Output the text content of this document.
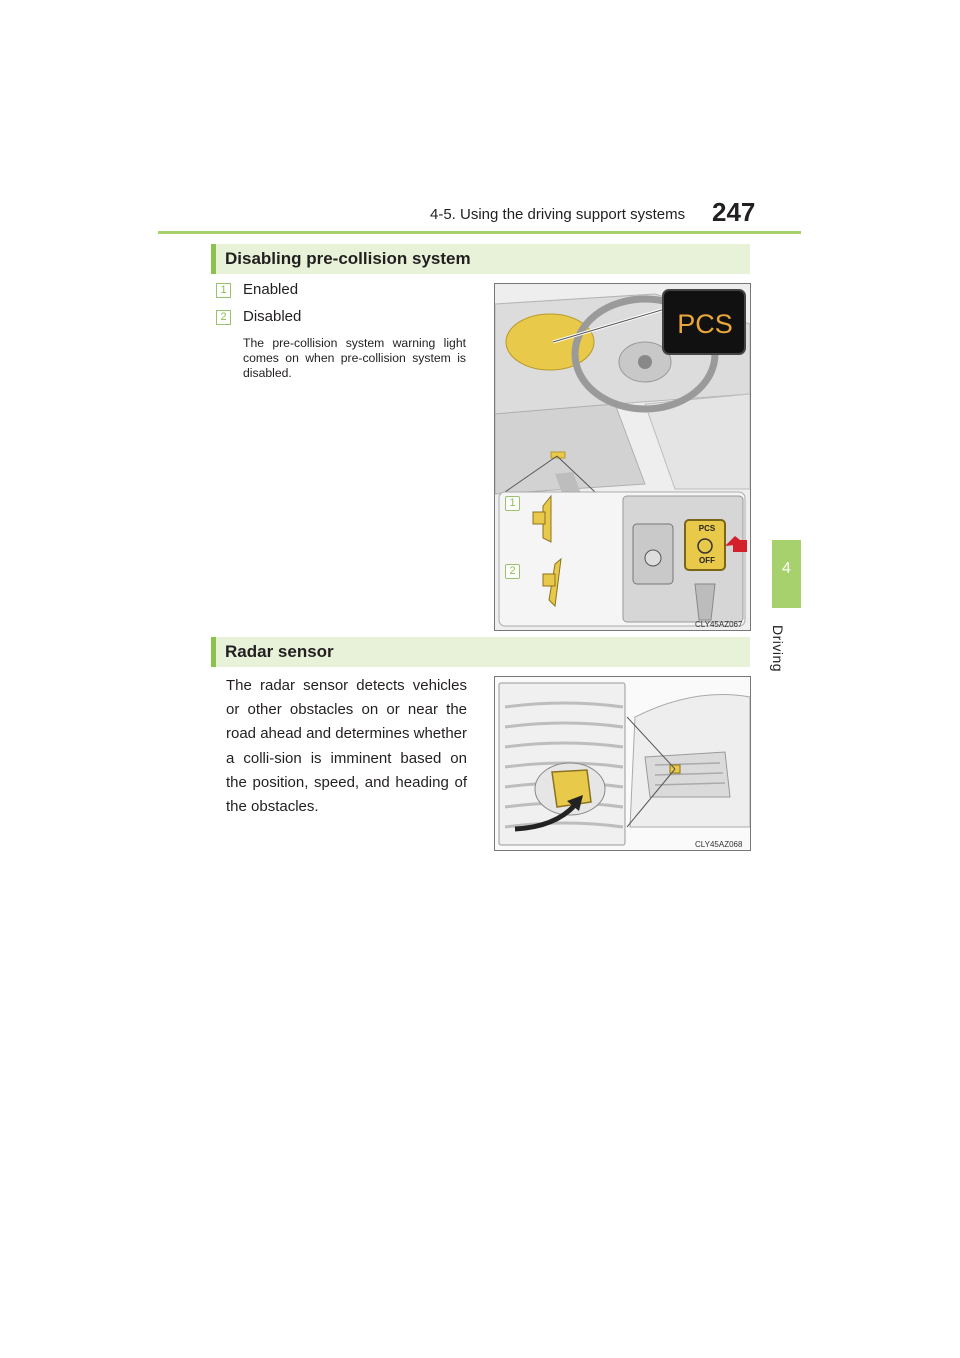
4-5. Using the driving support systems 247
4
Driving
Disabling pre-collision system
1 Enabled
2 Disabled
The pre-collision system warning light comes on when pre-collision system is disabled.
PCS
PCS
OFF
1
2
CLY45AZ067
Radar sensor
The radar sensor detects vehicles or other obstacles on or near the road ahead and determines whether a colli-sion is imminent based on the position, speed, and heading of the obstacles.
CLY45AZ068
